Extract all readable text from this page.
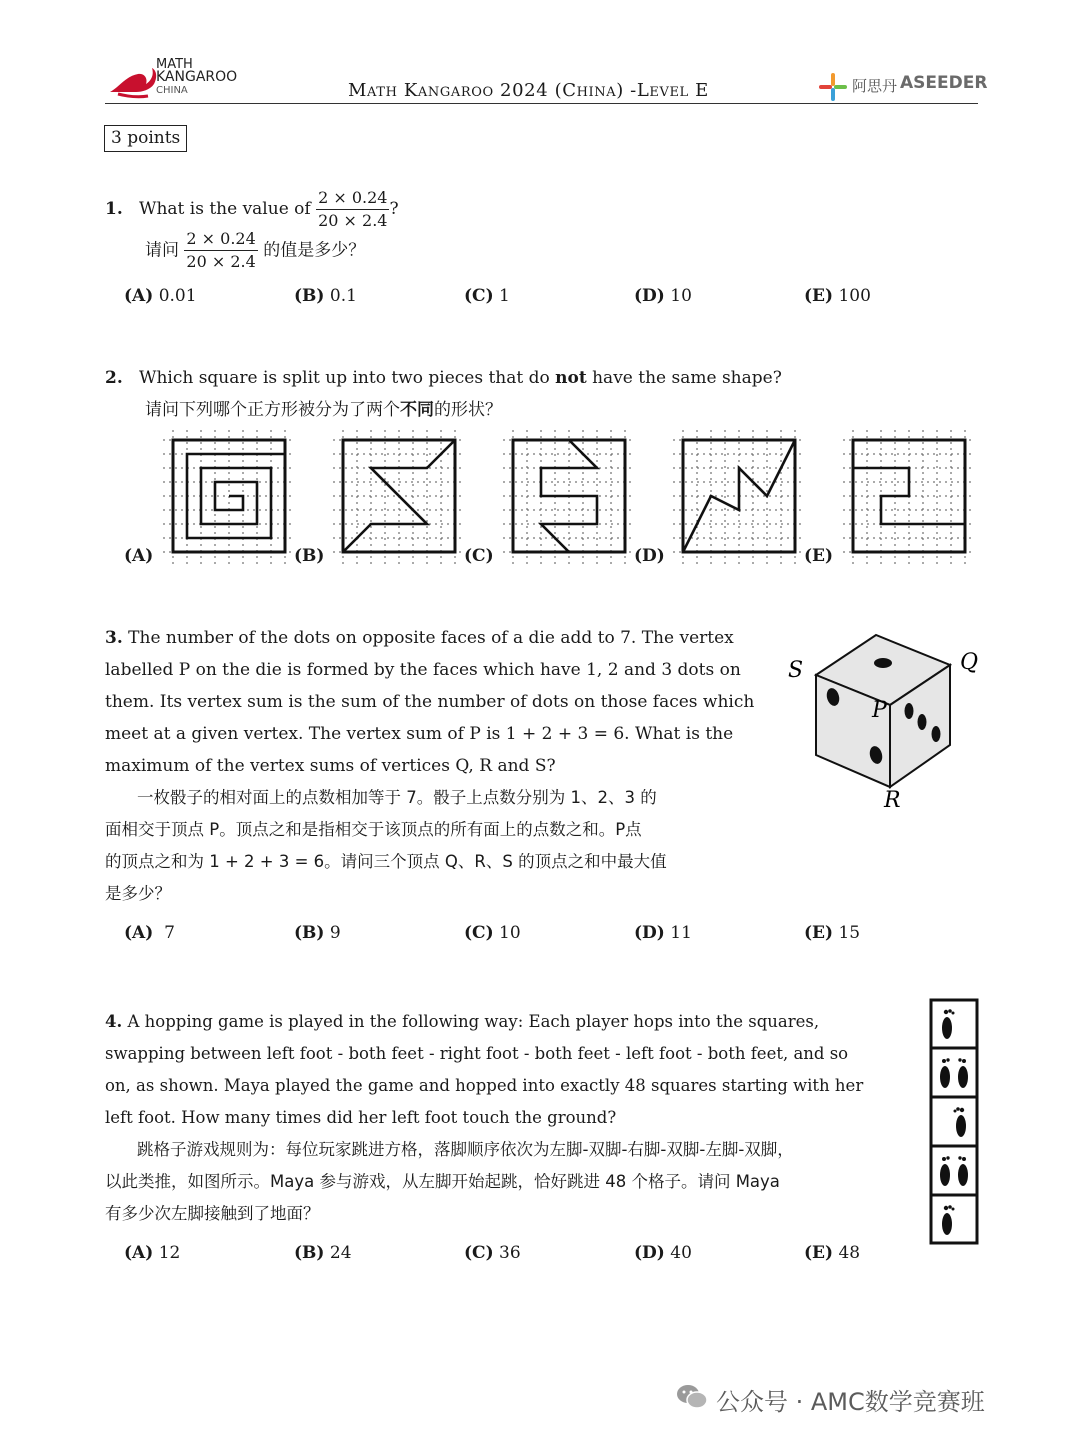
MATH
KANGAROO
CHINA	Math Kangaroo 2024 (China) -Level E	阿思丹 ASEEDER
3 points
1. What is the value of $\frac{2 \times 0.24}{20 \times 2.4}$ ?
请问 $\frac{2 \times 0.24}{20 \times 2.4}$ 的值是多少？
(A) 0.01	(B) 0.1	(C) 1	(D) 10	(E) 100
2. Which square is split up into two pieces that do not have the same shape?
请问下列哪个正方形被分为了两个不同的形状？
(A)	(B)	(C)	(D)	(E)
3. The number of the dots on opposite faces of a die add to 7. The vertex
labelled P on the die is formed by the faces which have 1, 2 and 3 dots on
them. Its vertex sum is the sum of the number of dots on those faces which
meet at a given vertex. The vertex sum of P is 1 + 2 + 3 = 6. What is the
maximum of the vertex sums of vertices Q, R and S?
一枚骰子的相对面上的点数相加等于 7。骰子上点数分别为 1、2、3 的
面相交于顶点 P。顶点之和是指相交于该顶点的所有面上的点数之和。P点
的顶点之和为 1 + 2 + 3 = 6。请问三个顶点 Q、R、S 的顶点之和中最大值
是多少？
S	Q
P
R
(A) 7	(B) 9	(C) 10	(D) 11	(E) 15
4. A hopping game is played in the following way: Each player hops into the squares,
swapping between left foot - both feet - right foot - both feet - left foot - both feet, and so
on, as shown. Maya played the game and hopped into exactly 48 squares starting with her
left foot. How many times did her left foot touch the ground?
跳格子游戏规则为：每位玩家跳进方格，落脚顺序依次为左脚-双脚-右脚-双脚-左脚-双脚，
以此类推，如图所示。Maya 参与游戏，从左脚开始起跳，恰好跳进 48 个格子。请问 Maya
有多少次左脚接触到了地面？
(A) 12	(B) 24	(C) 36	(D) 40	(E) 48
公众号 · AMC数学竞赛班
